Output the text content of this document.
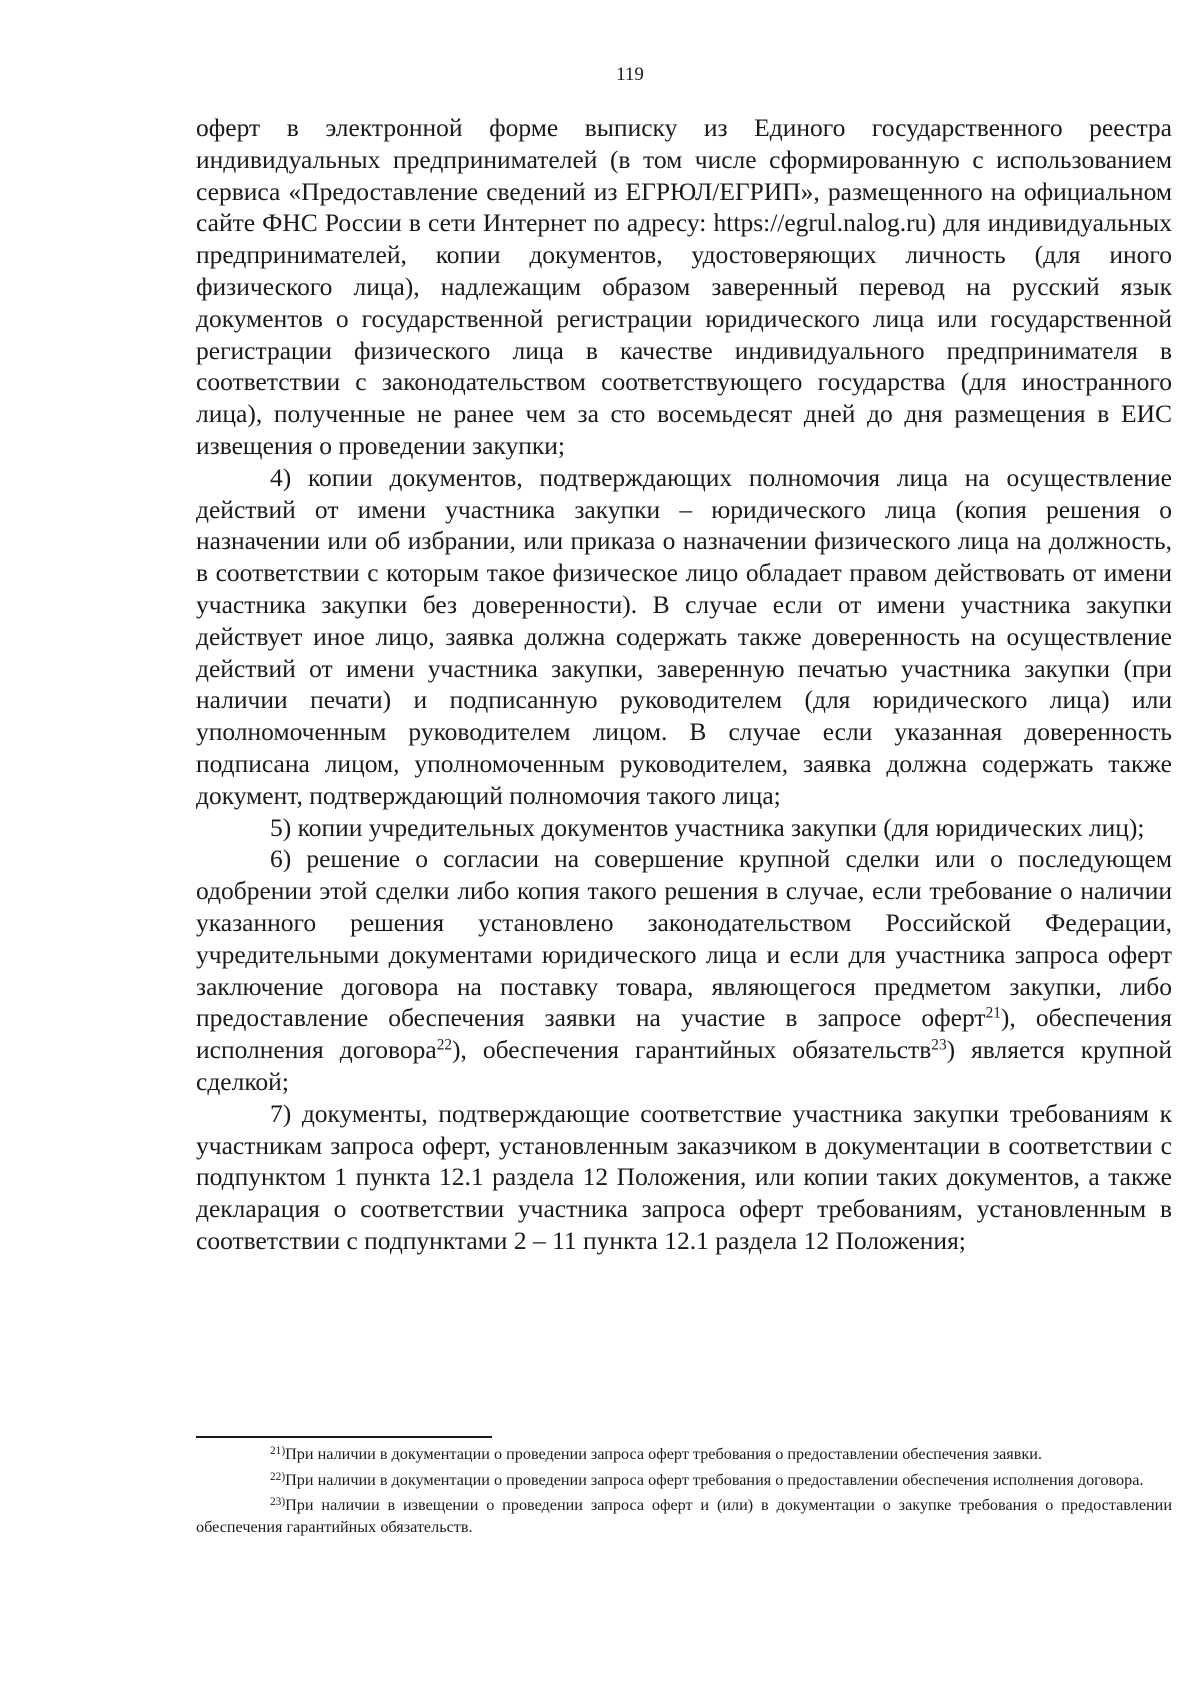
119

оферт в электронной форме выписку из Единого государственного реестра индивидуальных предпринимателей (в том числе сформированную с использованием сервиса «Предоставление сведений из ЕГРЮЛ/ЕГРИП», размещенного на официальном сайте ФНС России в сети Интернет по адресу: https://egrul.nalog.ru) для индивидуальных предпринимателей, копии документов, удостоверяющих личность (для иного физического лица), надлежащим образом заверенный перевод на русский язык документов о государственной регистрации юридического лица или государственной регистрации физического лица в качестве индивидуального предпринимателя в соответствии с законодательством соответствующего государства (для иностранного лица), полученные не ранее чем за сто восемьдесят дней до дня размещения в ЕИС извещения о проведении закупки;

4) копии документов, подтверждающих полномочия лица на осуществление действий от имени участника закупки – юридического лица (копия решения о назначении или об избрании, или приказа о назначении физического лица на должность, в соответствии с которым такое физическое лицо обладает правом действовать от имени участника закупки без доверенности). В случае если от имени участника закупки действует иное лицо, заявка должна содержать также доверенность на осуществление действий от имени участника закупки, заверенную печатью участника закупки (при наличии печати) и подписанную руководителем (для юридического лица) или уполномоченным руководителем лицом. В случае если указанная доверенность подписана лицом, уполномоченным руководителем, заявка должна содержать также документ, подтверждающий полномочия такого лица;

5) копии учредительных документов участника закупки (для юридических лиц);

6) решение о согласии на совершение крупной сделки или о последующем одобрении этой сделки либо копия такого решения в случае, если требование о наличии указанного решения установлено законодательством Российской Федерации, учредительными документами юридического лица и если для участника запроса оферт заключение договора на поставку товара, являющегося предметом закупки, либо предоставление обеспечения заявки на участие в запросе оферт$^{21}$), обеспечения исполнения договора$^{22}$), обеспечения гарантийных обязательств$^{23}$) является крупной сделкой;

7) документы, подтверждающие соответствие участника закупки требованиям к участникам запроса оферт, установленным заказчиком в документации в соответствии с подпунктом 1 пункта 12.1 раздела 12 Положения, или копии таких документов, а также декларация о соответствии участника запроса оферт требованиям, установленным в соответствии с подпунктами 2 – 11 пункта 12.1 раздела 12 Положения;

$^{21)}$При наличии в документации о проведении запроса оферт требования о предоставлении обеспечения заявки.

$^{22)}$При наличии в документации о проведении запроса оферт требования о предоставлении обеспечения исполнения договора.

$^{23)}$При наличии в извещении о проведении запроса оферт и (или) в документации о закупке требования о предоставлении обеспечения гарантийных обязательств.
